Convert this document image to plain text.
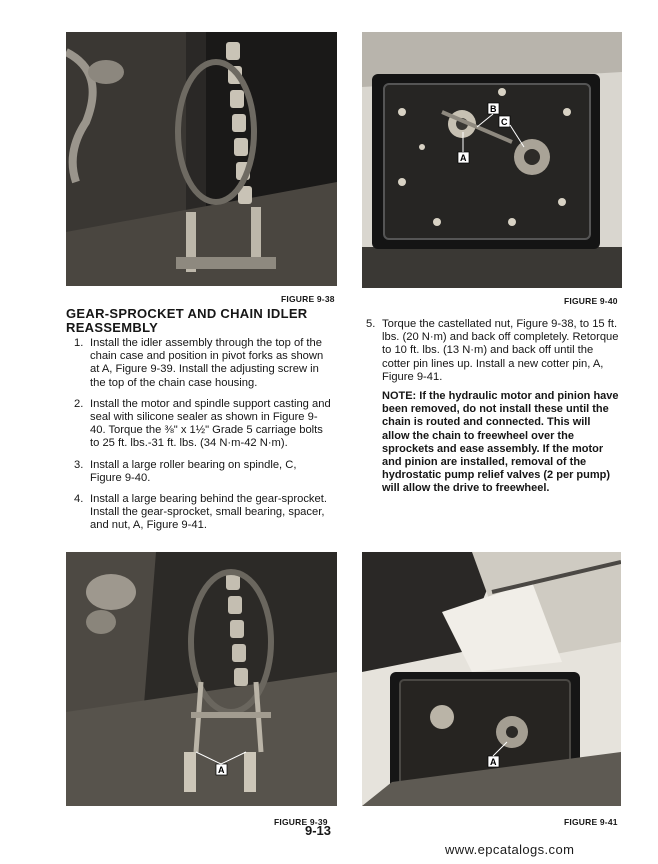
FIGURE 9-38
B
C
A
FIGURE 9-40
GEAR-SPROCKET AND CHAIN IDLER REASSEMBLY
1. Install the idler assembly through the top of the chain case and position in pivot forks as shown at A, Figure 9-39. Install the adjusting screw in the top of the chain case housing.
2. Install the motor and spindle support casting and seal with silicone sealer as shown in Figure 9-40. Torque the ⅜" x 1½" Grade 5 carriage bolts to 25 ft. lbs.-31 ft. lbs. (34 N·m-42 N·m).
3. Install a large roller bearing on spindle, C, Figure 9-40.
4. Install a large bearing behind the gear-sprocket. Install the gear-sprocket, small bearing, spacer, and nut, A, Figure 9-41.
5. Torque the castellated nut, Figure 9-38, to 15 ft. lbs. (20 N·m) and back off completely. Retorque to 10 ft. lbs. (13 N·m) and back off until the cotter pin lines up. Install a new cotter pin, A, Figure 9-41.
NOTE: If the hydraulic motor and pinion have been removed, do not install these until the chain is routed and connected. This will allow the chain to freewheel over the sprockets and ease assembly. If the motor and pinion are installed, removal of the hydrostatic pump relief valves (2 per pump) will allow the drive to freewheel.
A
FIGURE 9-39
A
FIGURE 9-41
9-13
www.epcatalogs.com
